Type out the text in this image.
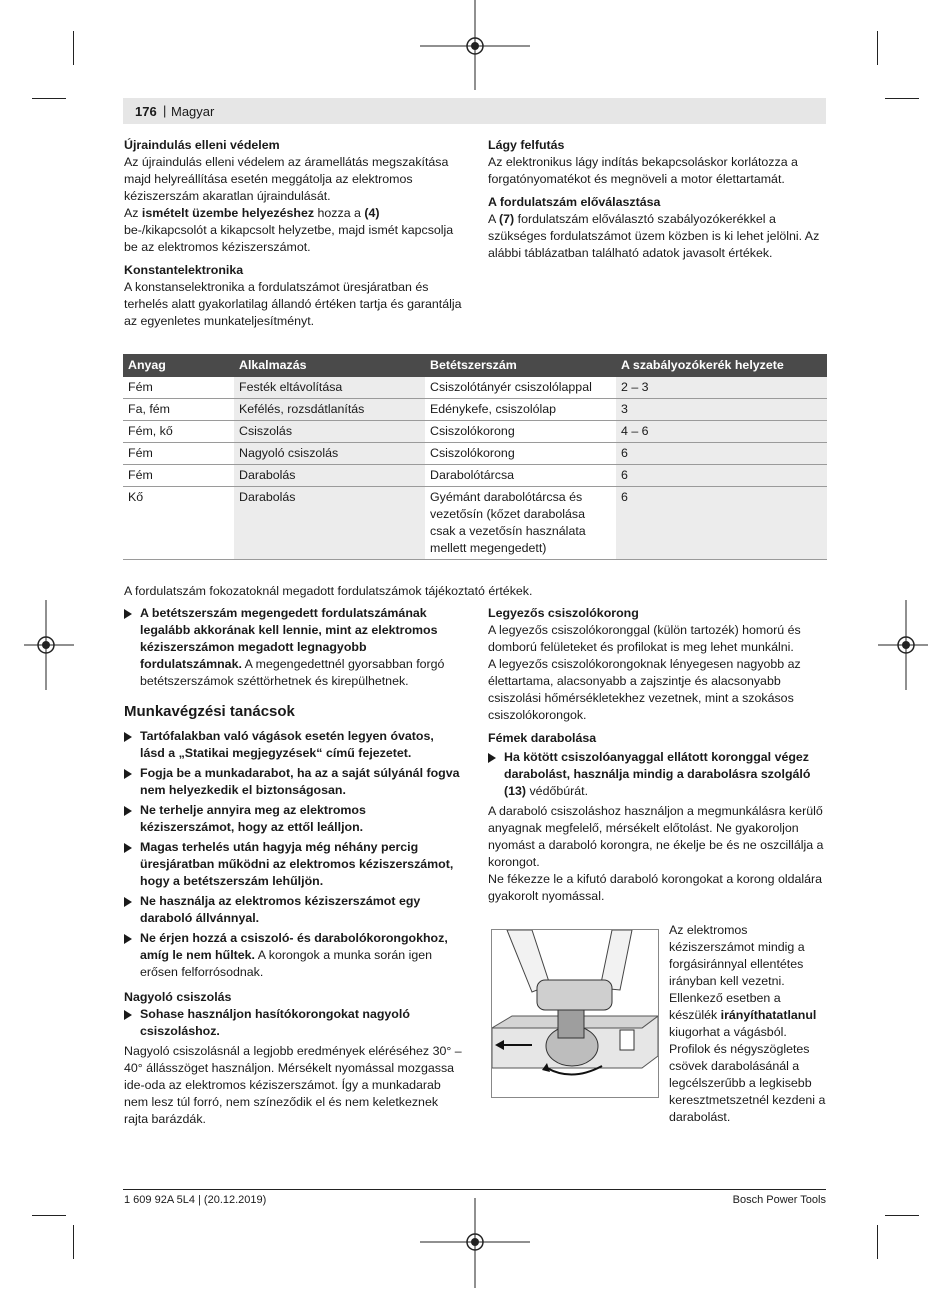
176 | Magyar
Újraindulás elleni védelem

Az újraindulás elleni védelem az áramellátás megszakítása majd helyreállítása esetén meggátolja az elektromos kéziszerszám akaratlan újraindulását.

Az ismételt üzembe helyezéshez hozza a (4) be-/kikapcsolót a kikapcsolt helyzetbe, majd ismét kapcsolja be az elektromos kéziszerszámot.

Konstantelektronika

A konstanselektronika a fordulatszámot üresjáratban és terhelés alatt gyakorlatilag állandó értéken tartja és garantálja az egyenletes munkateljesítményt.

Lágy felfutás

Az elektronikus lágy indítás bekapcsoláskor korlátozza a forgatónyomatékot és megnöveli a motor élettartamát.

A fordulatszám előválasztása

A (7) fordulatszám előválasztó szabályozókerékkel a szükséges fordulatszámot üzem közben is ki lehet jelölni. Az alábbi táblázatban található adatok javasolt értékek.

Anyag	Alkalmazás	Betétszerszám	A szabályozókerék helyzete
Fém	Festék eltávolítása	Csiszolótányér csiszolólappal	2 – 3
Fa, fém	Kefélés, rozsdátlanítás	Edénykefe, csiszolólap	3
Fém, kő	Csiszolás	Csiszolókorong	4 – 6
Fém	Nagyoló csiszolás	Csiszolókorong	6
Fém	Darabolás	Darabolótárcsa	6
Kő	Darabolás	Gyémánt darabolótárcsa és vezetősín (kőzet darabolása csak a vezetősín használata mellett megengedett)	6

A fordulatszám fokozatoknál megadott fordulatszámok tájékoztató értékek.

A betétszerszám megengedett fordulatszámának legalább akkorának kell lennie, mint az elektromos kéziszerszámon megadott legnagyobb fordulatszámnak. A megengedettnél gyorsabban forgó betétszerszámok széttörhetnek és kirepülhetnek.
Munkavégzési tanácsok
Tartófalakban való vágások esetén legyen óvatos, lásd a „Statikai megjegyzések“ című fejezetet.
Fogja be a munkadarabot, ha az a saját súlyánál fogva nem helyezkedik el biztonságosan.
Ne terhelje annyira meg az elektromos kéziszerszámot, hogy az ettől leálljon.
Magas terhelés után hagyja még néhány percig üresjáratban működni az elektromos kéziszerszámot, hogy a betétszerszám lehűljön.
Ne használja az elektromos kéziszerszámot egy daraboló állvánnyal.
Ne érjen hozzá a csiszoló- és darabolókorongokhoz, amíg le nem hűltek. A korongok a munka során igen erősen felforrósodnak.
Nagyoló csiszolás
Sohase használjon hasítókorongokat nagyoló csiszoláshoz.

Nagyoló csiszolásnál a legjobb eredmények eléréséhez 30° – 40° állásszöget használjon. Mérsékelt nyomással mozgassa ide-oda az elektromos kéziszerszámot. Így a munkadarab nem lesz túl forró, nem színeződik el és nem keletkeznek rajta barázdák.

Legyezős csiszolókorong

A legyezős csiszolókoronggal (külön tartozék) homorú és domború felületeket és profilokat is meg lehet munkálni.

A legyezős csiszolókorongoknak lényegesen nagyobb az élettartama, alacsonyabb a zajszintje és alacsonyabb csiszolási hőmérsékletekhez vezetnek, mint a szokásos csiszolókorongok.

Fémek darabolása
Ha kötött csiszolóanyaggal ellátott koronggal végez darabolást, használja mindig a darabolásra szolgáló (13) védőbúrát.

A daraboló csiszoláshoz használjon a megmunkálásra kerülő anyagnak megfelelő, mérsékelt előtolást. Ne gyakoroljon nyomást a daraboló korongra, ne ékelje be és ne oszcillálja a korongot.

Ne fékezze le a kifutó daraboló korongokat a korong oldalára gyakorolt nyomással.

Az elektromos kéziszerszámot mindig a forgásiránnyal ellentétes irányban kell vezetni. Ellenkező esetben a készülék irányíthatatlanul kiugorhat a vágásból.

Profilok és négyszögletes csövek darabolásánál a legcélszerűbb a legkisebb keresztmetszetnél kezdeni a darabolást.

1 609 92A 5L4 | (20.12.2019)	Bosch Power Tools
